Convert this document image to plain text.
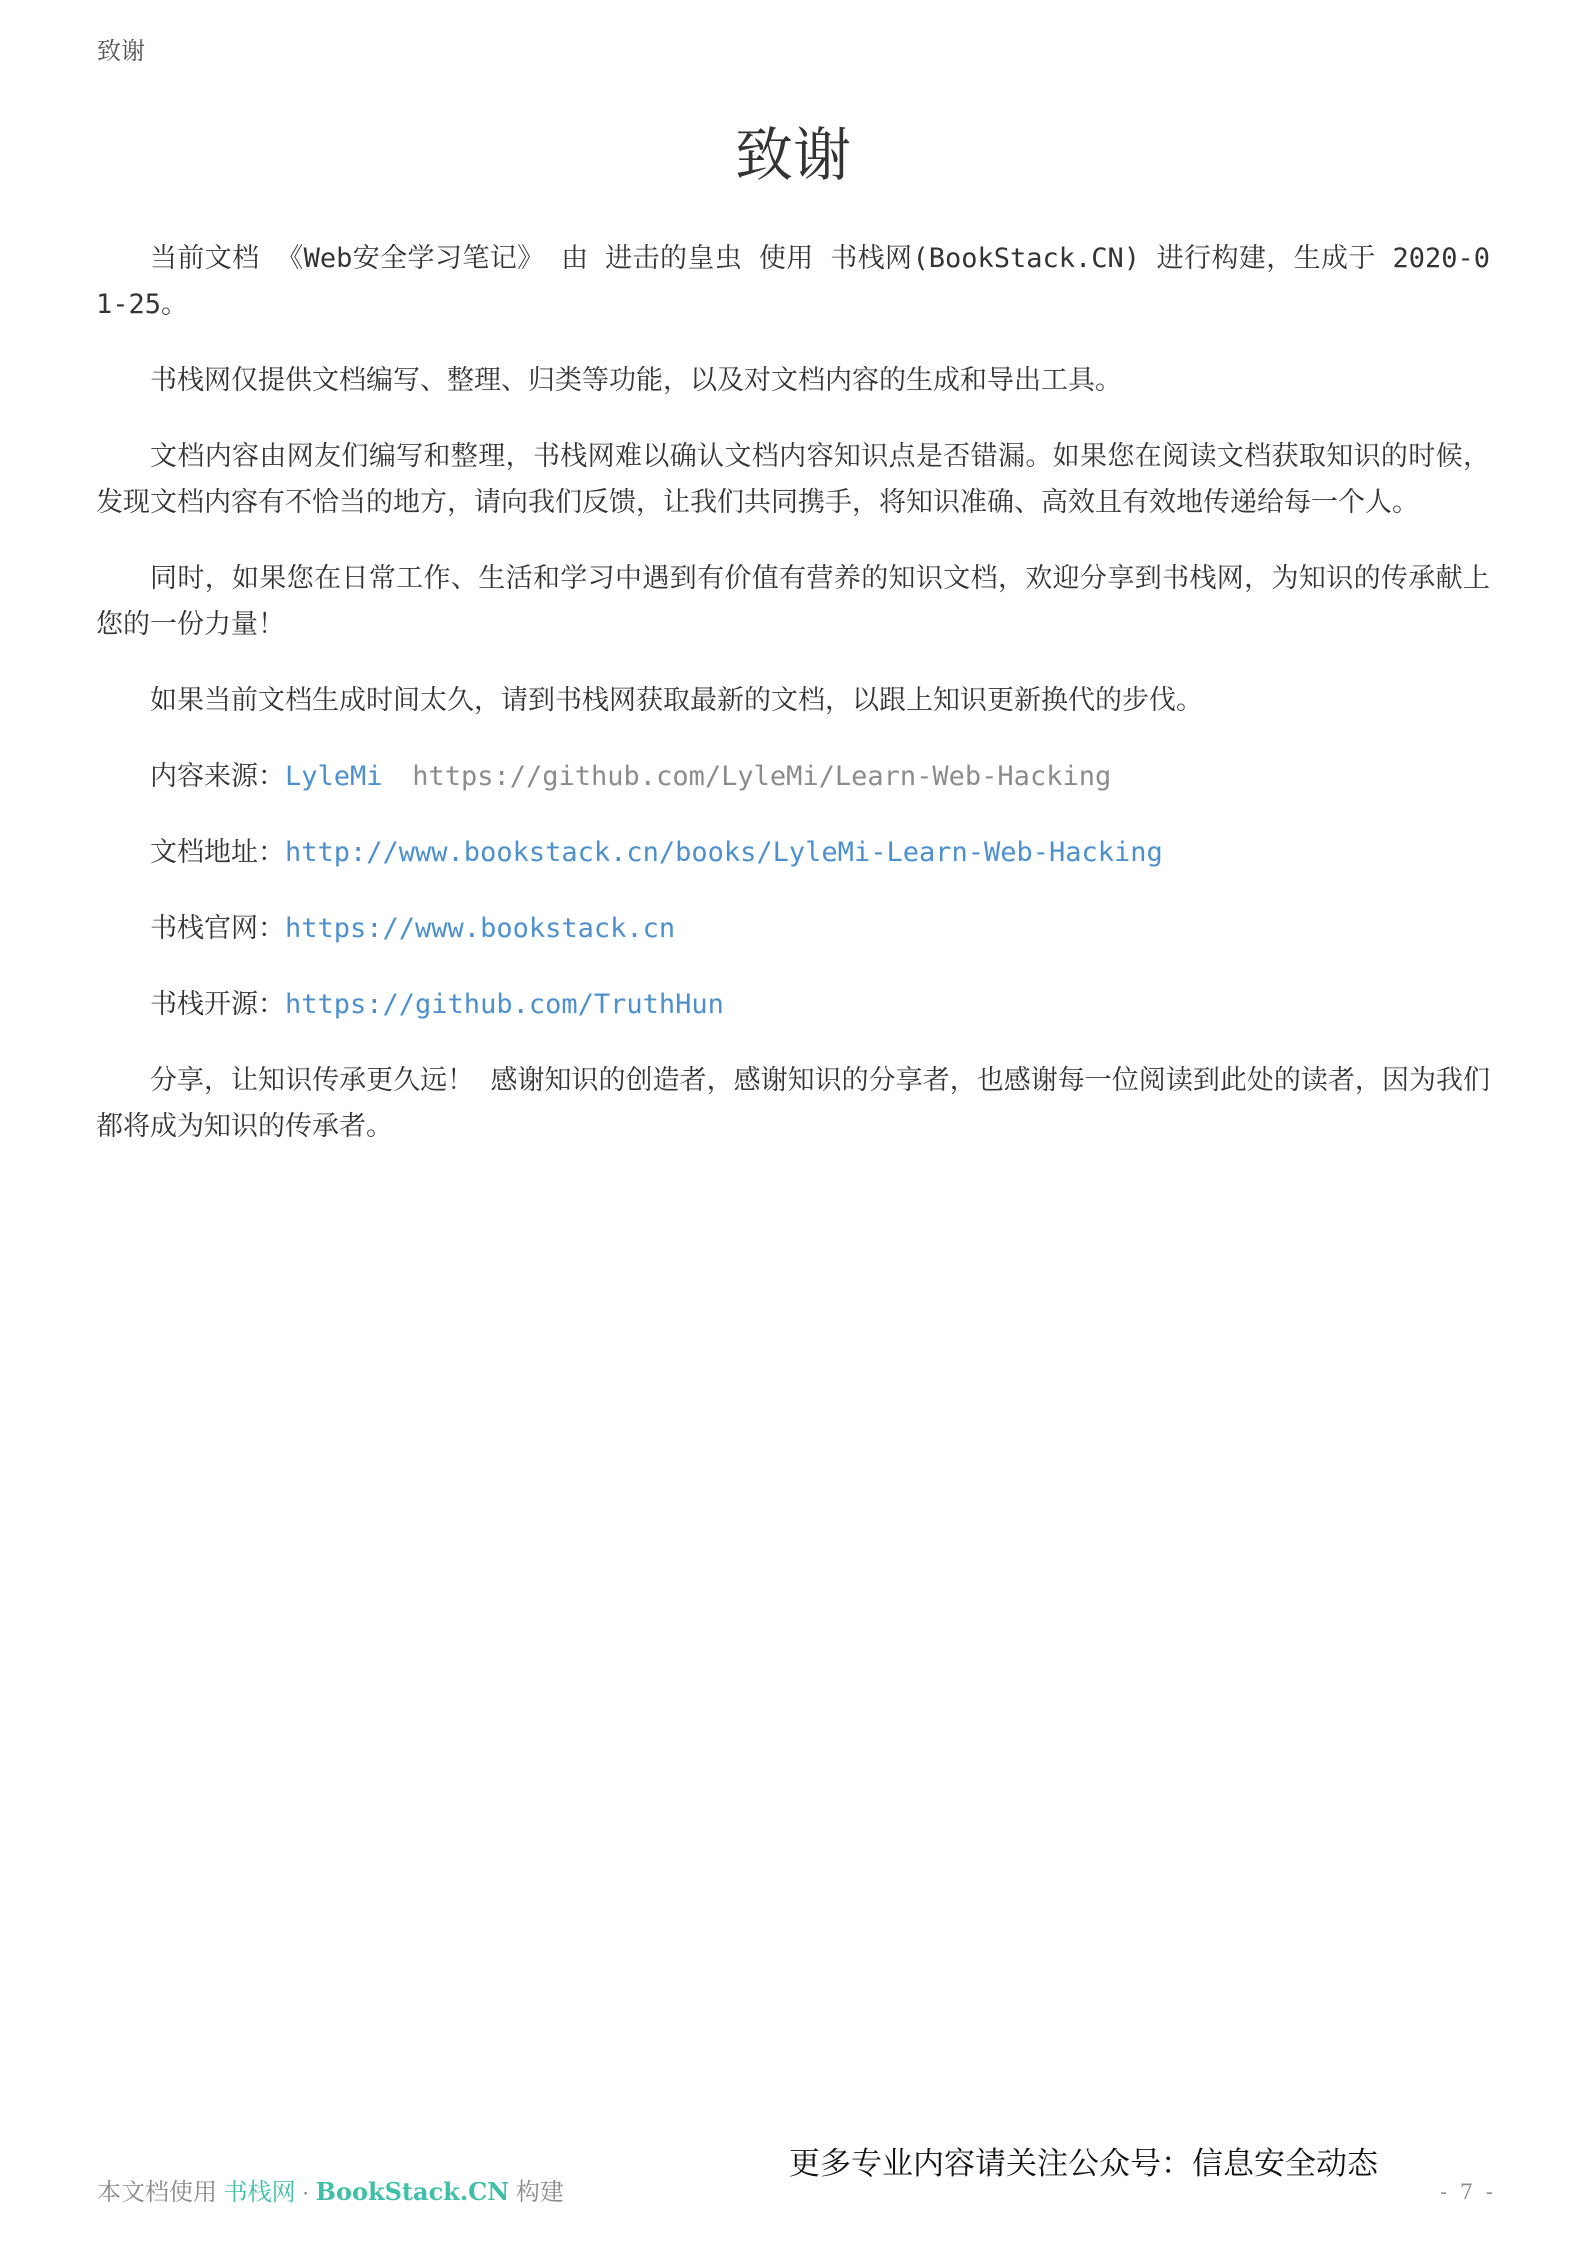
致谢
致谢

当前文档 《Web安全学习笔记》 由 进击的皇虫 使用 书栈网(BookStack.CN) 进行构建，生成于 2020-01-25。

书栈网仅提供文档编写、整理、归类等功能，以及对文档内容的生成和导出工具。

文档内容由网友们编写和整理，书栈网难以确认文档内容知识点是否错漏。如果您在阅读文档获取知识的时候，发现文档内容有不恰当的地方，请向我们反馈，让我们共同携手，将知识准确、高效且有效地传递给每一个人。

同时，如果您在日常工作、生活和学习中遇到有价值有营养的知识文档，欢迎分享到书栈网，为知识的传承献上您的一份力量！

如果当前文档生成时间太久，请到书栈网获取最新的文档，以跟上知识更新换代的步伐。

内容来源：LyleMi https://github.com/LyleMi/Learn-Web-Hacking

文档地址：http://www.bookstack.cn/books/LyleMi-Learn-Web-Hacking

书栈官网：https://www.bookstack.cn

书栈开源：https://github.com/TruthHun

分享，让知识传承更久远！ 感谢知识的创造者，感谢知识的分享者，也感谢每一位阅读到此处的读者，因为我们都将成为知识的传承者。

本文档使用 书栈网 · BookStack.CN 构建
更多专业内容请关注公众号：信息安全动态
- 7 -
